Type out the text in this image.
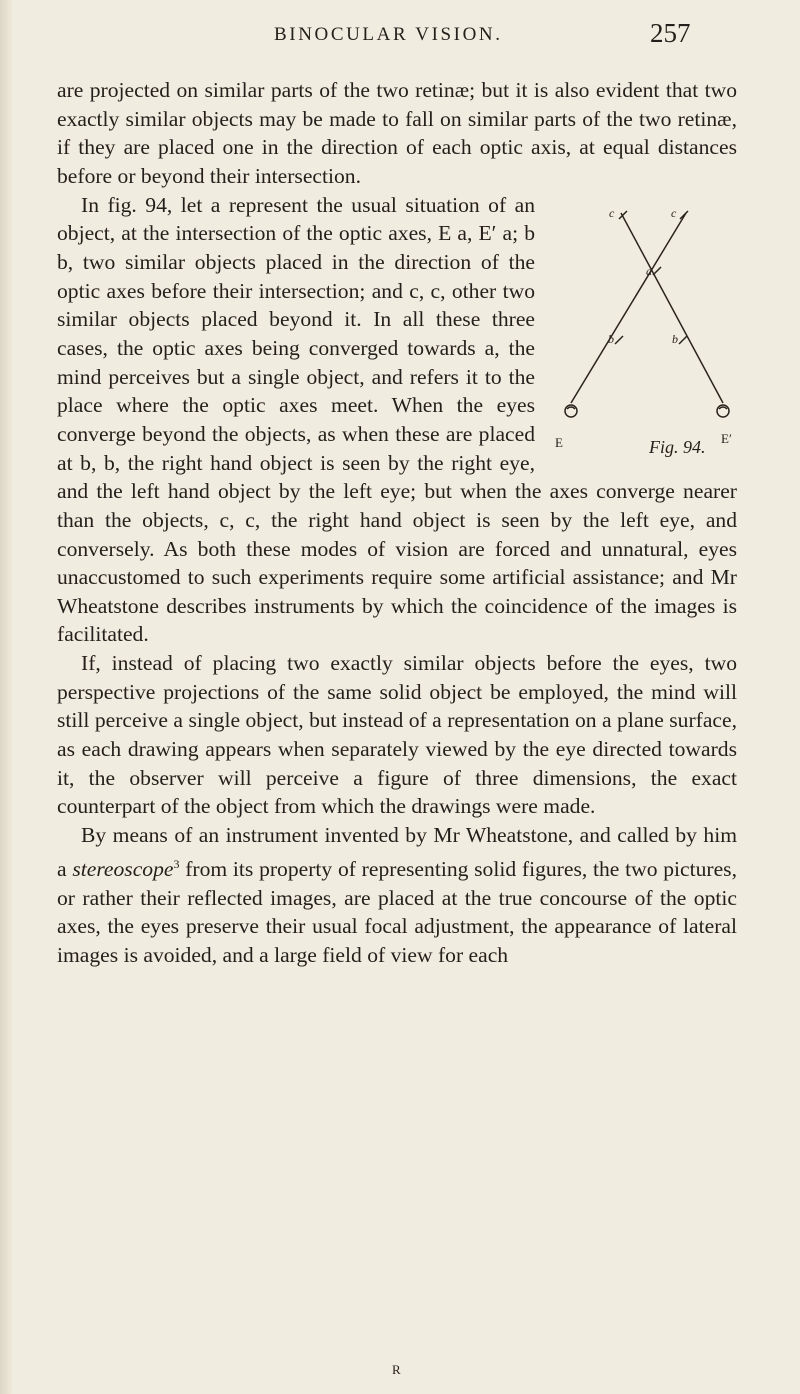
BINOCULAR VISION.	257

are projected on similar parts of the two retinæ; but it is also evident that two exactly similar objects may be made to fall on similar parts of the two retinæ, if they are placed one in the direction of each optic axis, at equal distances before or beyond their intersection.

c	c
a
b	b
E	E′
Fig. 94.

In fig. 94, let a represent the usual situation of an object, at the intersection of the optic axes, E a, E′ a; b b, two similar objects placed in the direction of the optic axes before their intersection; and c, c, other two similar objects placed beyond it. In all these three cases, the optic axes being converged towards a, the mind perceives but a single object, and refers it to the place where the optic axes meet. When the eyes converge beyond the objects, as when these are placed at b, b, the right hand object is seen by the right eye, and the left hand object by the left eye; but when the axes converge nearer than the objects, c, c, the right hand object is seen by the left eye, and conversely. As both these modes of vision are forced and unnatural, eyes unaccustomed to such experiments require some artificial assistance; and Mr Wheatstone describes instruments by which the coincidence of the images is facilitated.

If, instead of placing two exactly similar objects before the eyes, two perspective projections of the same solid object be employed, the mind will still perceive a single object, but instead of a representation on a plane surface, as each drawing appears when separately viewed by the eye directed towards it, the observer will perceive a figure of three dimensions, the exact counterpart of the object from which the drawings were made.

By means of an instrument invented by Mr Wheatstone, and called by him a stereoscope$^3$ from its property of representing solid figures, the two pictures, or rather their reflected images, are placed at the true concourse of the optic axes, the eyes preserve their usual focal adjustment, the appearance of lateral images is avoided, and a large field of view for each

R
